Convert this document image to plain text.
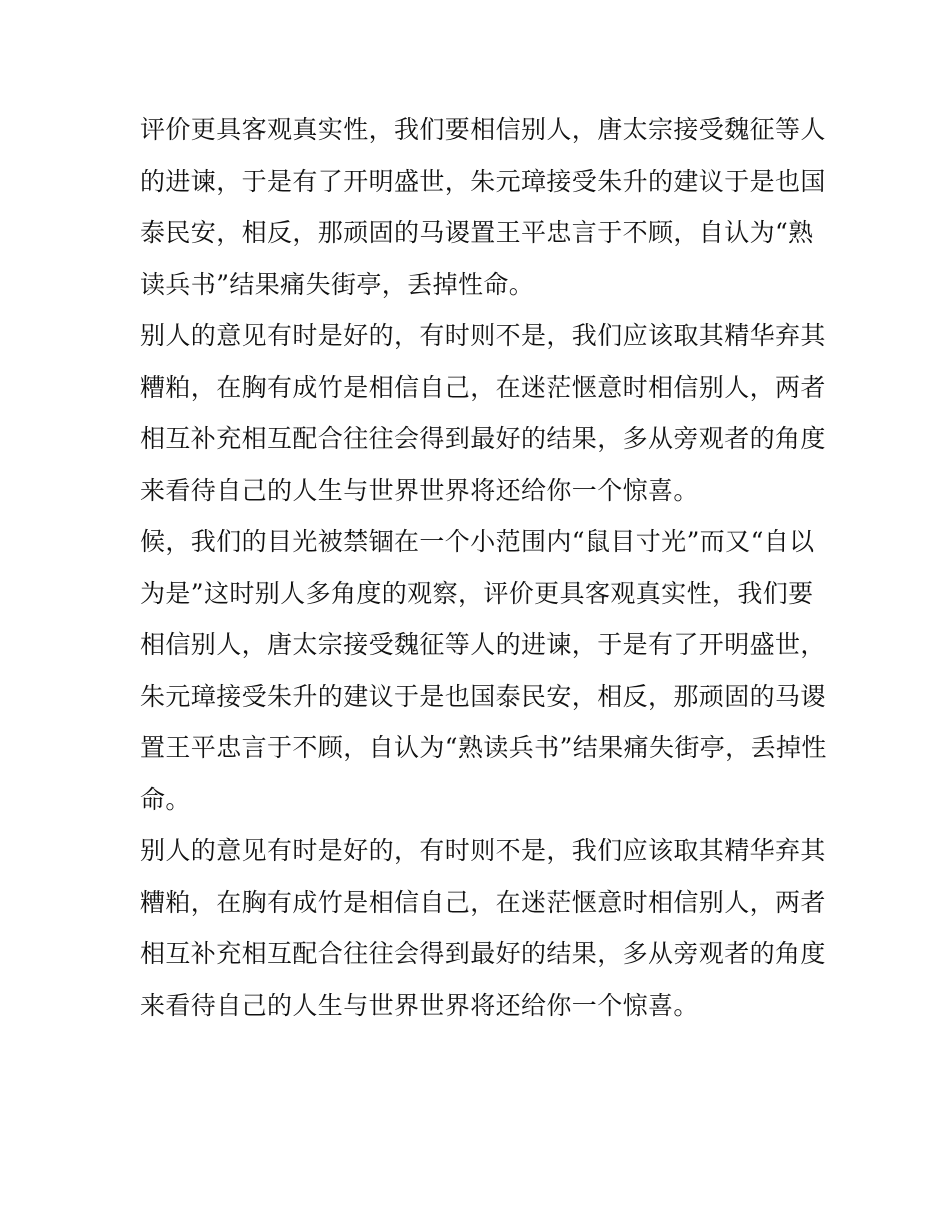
评价更具客观真实性，我们要相信别人，唐太宗接受魏征等人
的进谏，于是有了开明盛世，朱元璋接受朱升的建议于是也国
泰民安，相反，那顽固的马谡置王平忠言于不顾，自认为“熟
读兵书”结果痛失街亭，丢掉性命。
别人的意见有时是好的，有时则不是，我们应该取其精华弃其
糟粕，在胸有成竹是相信自己，在迷茫惬意时相信别人，两者
相互补充相互配合往往会得到最好的结果，多从旁观者的角度
来看待自己的人生与世界世界将还给你一个惊喜。
候，我们的目光被禁锢在一个小范围内“鼠目寸光”而又“自以
为是”这时别人多角度的观察，评价更具客观真实性，我们要
相信别人，唐太宗接受魏征等人的进谏，于是有了开明盛世，
朱元璋接受朱升的建议于是也国泰民安，相反，那顽固的马谡
置王平忠言于不顾，自认为“熟读兵书”结果痛失街亭，丢掉性
命。
别人的意见有时是好的，有时则不是，我们应该取其精华弃其
糟粕，在胸有成竹是相信自己，在迷茫惬意时相信别人，两者
相互补充相互配合往往会得到最好的结果，多从旁观者的角度
来看待自己的人生与世界世界将还给你一个惊喜。
